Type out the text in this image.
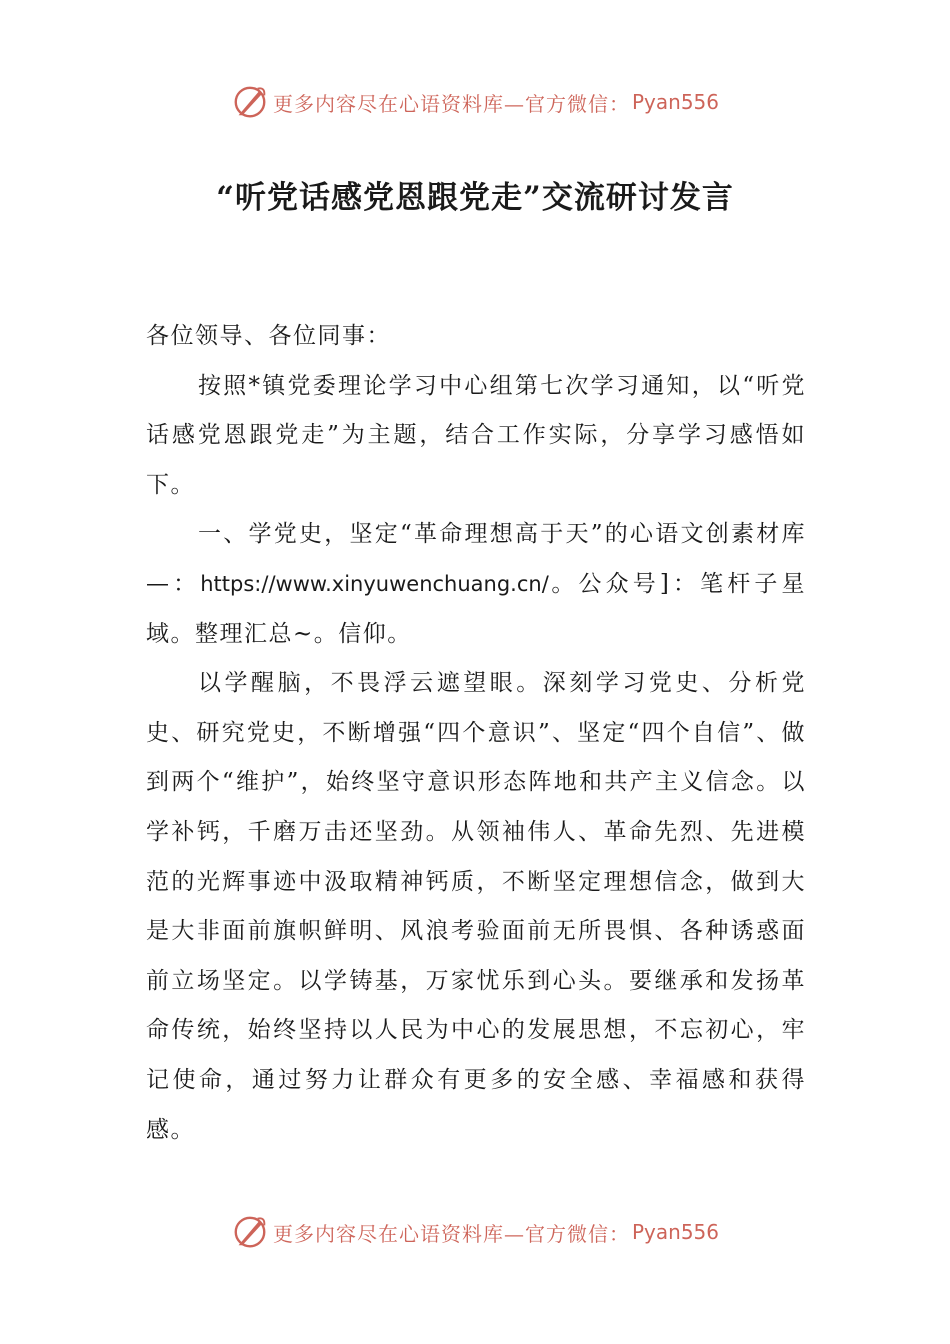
更多内容尽在心语资料库—官方微信： Pyan556
“听党话感党恩跟党走”交流研讨发言

各位领导、各位同事：

按照*镇党委理论学习中心组第七次学习通知，以“听党话感党恩跟党走”为主题，结合工作实际，分享学习感悟如下。

一、学党史，坚定“革命理想高于天”的心语文创素材库—：https://www.xinyuwenchuang.cn/。公众号]：笔杆子星域。整理汇总~。信仰。

以学醒脑，不畏浮云遮望眼。深刻学习党史、分析党史、研究党史，不断增强“四个意识”、坚定“四个自信”、做到两个“维护”，始终坚守意识形态阵地和共产主义信念。以学补钙，千磨万击还坚劲。从领袖伟人、革命先烈、先进模范的光辉事迹中汲取精神钙质，不断坚定理想信念，做到大是大非面前旗帜鲜明、风浪考验面前无所畏惧、各种诱惑面前立场坚定。以学铸基，万家忧乐到心头。要继承和发扬革命传统，始终坚持以人民为中心的发展思想，不忘初心，牢记使命，通过努力让群众有更多的安全感、幸福感和获得感。

更多内容尽在心语资料库—官方微信： Pyan556
